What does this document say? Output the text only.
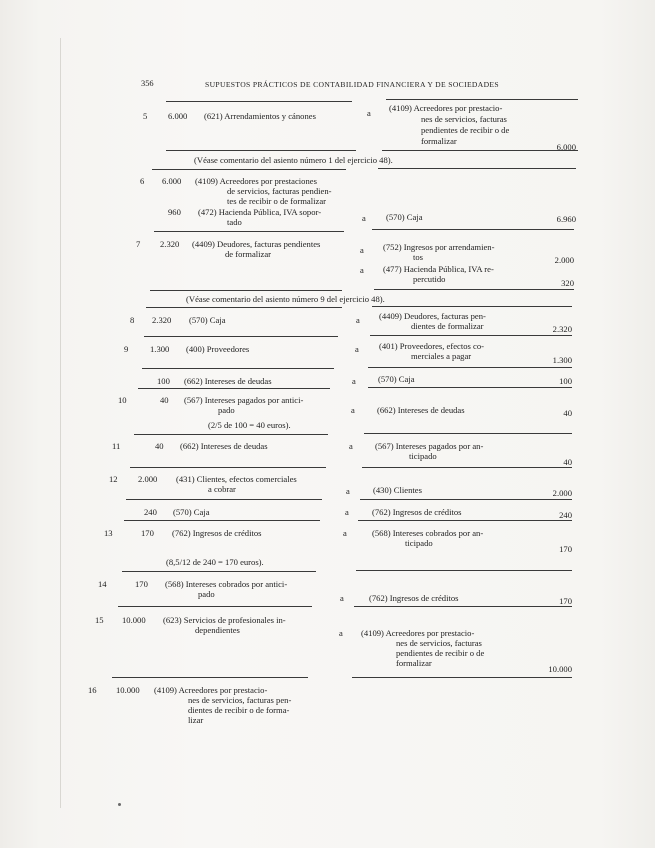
356	SUPUESTOS PRÁCTICOS DE CONTABILIDAD FINANCIERA Y DE SOCIEDADES
5 6.000 (621) Arrendamientos y cánones	a (4109) Acreedores por prestacio-
nes de servicios, facturas
pendientes de recibir o de
formalizar
6.000
(Véase comentario del asiento número 1 del ejercicio 48).
6 6.000 (4109) Acreedores por prestaciones
de servicios, facturas pendien-
tes de recibir o de formalizar
960 (472) Hacienda Pública, IVA sopor-
tado	a (570) Caja	6.960
7 2.320 (4409) Deudores, facturas pendientes
de formalizar	a (752) Ingresos por arrendamien-
tos	2.000
a (477) Hacienda Pública, IVA re-
percutido	320
(Véase comentario del asiento número 9 del ejercicio 48).
8 2.320 (570) Caja	a (4409) Deudores, facturas pen-
dientes de formalizar	2.320
9	1.300 (400) Proveedores	a (401) Proveedores, efectos co-
merciales a pagar	1.300
100 (662) Intereses de deudas	a	(570) Caja	100
10	40 (567) Intereses pagados por antici-
pado	a	(662) Intereses de deudas	40
(2/5 de 100 = 40 euros).
11	40 (662) Intereses de deudas	a	(567) Intereses pagados por an-
ticipado
40
12 2.000 (431) Clientes, efectos comerciales
a cobrar	a	(430) Clientes	2.000
240 (570) Caja	a	(762) Ingresos de créditos	240
13	170 (762) Ingresos de créditos	a	(568) Intereses cobrados por an-
ticipado
170
(8,5/12 de 240 = 170 euros).
14	170 (568) Intereses cobrados por antici-
pado	a	(762) Ingresos de créditos	170
15 10.000 (623) Servicios de profesionales in-
dependientes	a (4109) Acreedores por prestacio-
nes de servicios, facturas
pendientes de recibir o de
formalizar
10.000
16 10.000 (4109) Acreedores por prestacio-
nes de servicios, facturas pen-
dientes de recibir o de forma-
lizar
